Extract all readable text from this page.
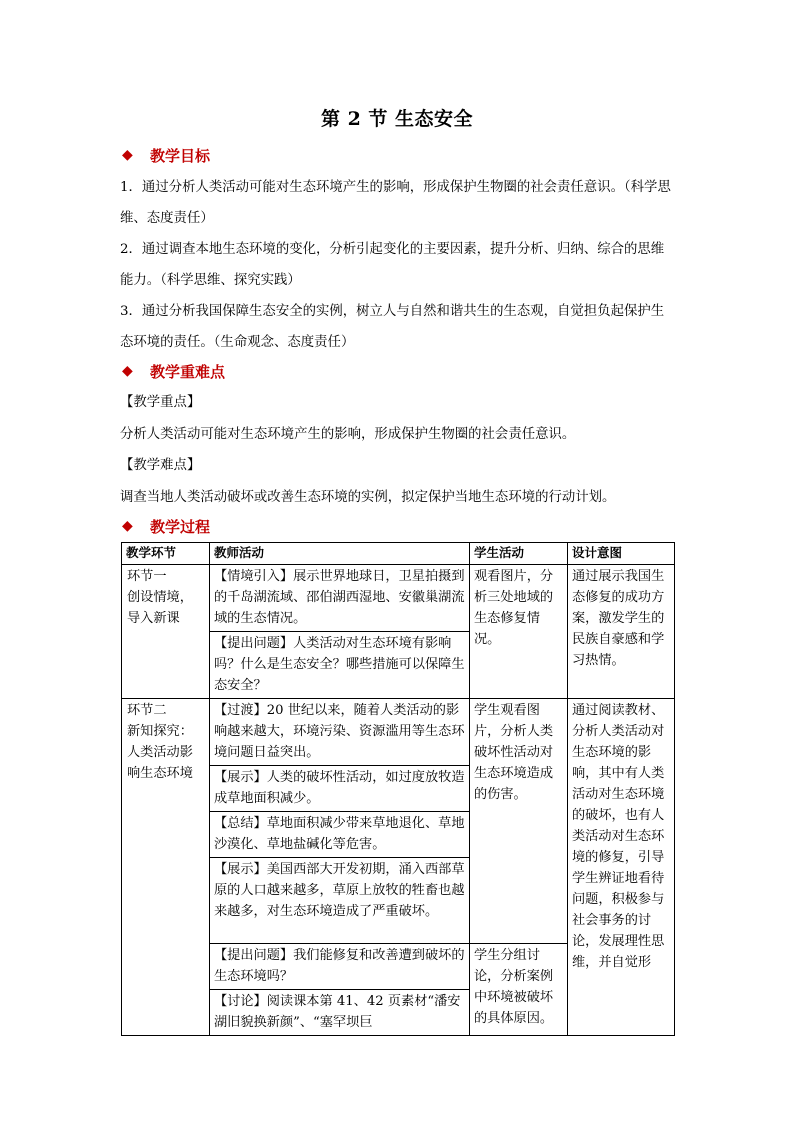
第 2 节 生态安全
◆	教学目标
1．通过分析人类活动可能对生态环境产生的影响，形成保护生物圈的社会责任意识。（科学思维、态度责任）
2．通过调查本地生态环境的变化，分析引起变化的主要因素，提升分析、归纳、综合的思维能力。（科学思维、探究实践）
3．通过分析我国保障生态安全的实例，树立人与自然和谐共生的生态观，自觉担负起保护生态环境的责任。（生命观念、态度责任）
◆	教学重难点
【教学重点】
分析人类活动可能对生态环境产生的影响，形成保护生物圈的社会责任意识。
【教学难点】
调查当地人类活动破坏或改善生态环境的实例，拟定保护当地生态环境的行动计划。
◆	教学过程
教学环节	教师活动	学生活动	设计意图
环节一
创设情境，
导入新课	【情境引入】展示世界地球日，卫星拍摄到的千岛湖流域、邵伯湖西湿地、安徽巢湖流域的生态情况。	观看图片，分析三处地域的生态修复情况。	通过展示我国生态修复的成功方案，激发学生的民族自豪感和学习热情。
	【提出问题】人类活动对生态环境有影响吗？什么是生态安全？哪些措施可以保障生态安全？		
环节二
新知探究：
人类活动影响生态环境	【过渡】20 世纪以来，随着人类活动的影响越来越大，环境污染、资源滥用等生态环境问题日益突出。	学生观看图片，分析人类破坏性活动对生态环境造成的伤害。	通过阅读教材、分析人类活动对生态环境的影响，其中有人类活动对生态环境的破坏，也有人类活动对生态环境的修复，引导学生辨证地看待问题，积极参与社会事务的讨论，发展理性思维，并自觉形
	【展示】人类的破坏性活动，如过度放牧造成草地面积减少。		
	【总结】草地面积减少带来草地退化、草地沙漠化、草地盐碱化等危害。		
	【展示】美国西部大开发初期，涌入西部草原的人口越来越多，草原上放牧的牲畜也越来越多，对生态环境造成了严重破坏。		
	【提出问题】我们能修复和改善遭到破坏的生态环境吗？	学生分组讨论，分析案例中环境被破坏的具体原因。	
	【讨论】阅读课本第 41、42 页素材“潘安湖旧貌换新颜”、“塞罕坝巨		
